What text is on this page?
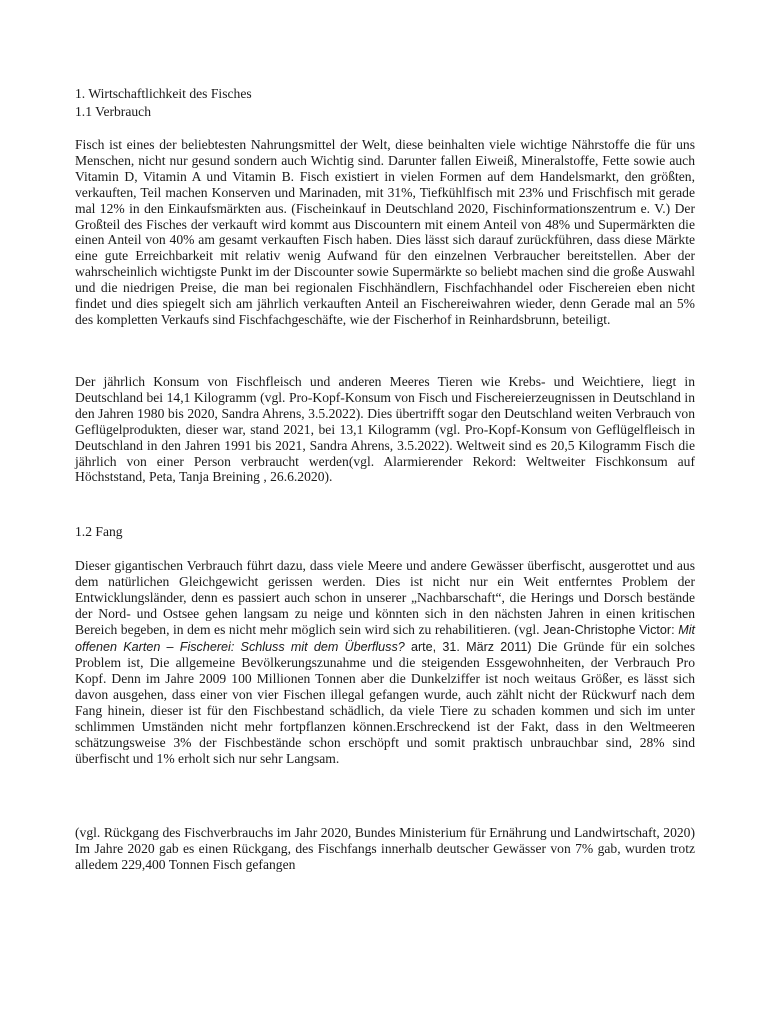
1. Wirtschaftlichkeit des Fisches
1.1 Verbrauch

Fisch ist eines der beliebtesten Nahrungsmittel der Welt, diese beinhalten viele wichtige Nährstoffe die für uns Menschen, nicht nur gesund sondern auch Wichtig sind. Darunter fallen Eiweiß, Mineralstoffe, Fette sowie auch Vitamin D, Vitamin A und Vitamin B. Fisch existiert in vielen Formen auf dem Handelsmarkt, den größten, verkauften, Teil machen Konserven und Marinaden, mit 31%, Tiefkühlfisch mit 23% und Frischfisch mit gerade mal 12% in den Einkaufsmärkten aus. (Fischeinkauf in Deutschland 2020, Fischinformationszentrum e. V.) Der Großteil des Fisches der verkauft wird kommt aus Discountern mit einem Anteil von 48% und Supermärkten die einen Anteil von 40% am gesamt verkauften Fisch haben. Dies lässt sich darauf zurückführen, dass diese Märkte eine gute Erreichbarkeit mit relativ wenig Aufwand für den einzelnen Verbraucher bereitstellen. Aber der wahrscheinlich wichtigste Punkt im der Discounter sowie Supermärkte so beliebt machen sind die große Auswahl und die niedrigen Preise, die man bei regionalen Fischhändlern, Fischfachhandel oder Fischereien eben nicht findet und dies spiegelt sich am jährlich verkauften Anteil an Fischereiwahren wieder, denn Gerade mal an 5% des kompletten Verkaufs sind Fischfachgeschäfte, wie der Fischerhof in Reinhardsbrunn, beteiligt.

Der jährlich Konsum von Fischfleisch und anderen Meeres Tieren wie Krebs- und Weichtiere, liegt in Deutschland bei 14,1 Kilogramm (vgl. Pro-Kopf-Konsum von Fisch und Fischereierzeugnissen in Deutschland in den Jahren 1980 bis 2020, Sandra Ahrens, 3.5.2022). Dies übertrifft sogar den Deutschland weiten Verbrauch von Geflügelprodukten, dieser war, stand 2021, bei 13,1 Kilogramm (vgl. Pro-Kopf-Konsum von Geflügelfleisch in Deutschland in den Jahren 1991 bis 2021, Sandra Ahrens, 3.5.2022). Weltweit sind es 20,5 Kilogramm Fisch die jährlich von einer Person verbraucht werden(vgl. Alarmierender Rekord: Weltweiter Fischkonsum auf Höchststand, Peta, Tanja Breining , 26.6.2020).

1.2 Fang

Dieser gigantischen Verbrauch führt dazu, dass viele Meere und andere Gewässer überfischt, ausgerottet und aus dem natürlichen Gleichgewicht gerissen werden. Dies ist nicht nur ein Weit entferntes Problem der Entwicklungsländer, denn es passiert auch schon in unserer „Nachbarschaft“, die Herings und Dorsch bestände der Nord- und Ostsee gehen langsam zu neige und könnten sich in den nächsten Jahren in einen kritischen Bereich begeben, in dem es nicht mehr möglich sein wird sich zu rehabilitieren. (vgl. Jean-Christophe Victor: Mit offenen Karten – Fischerei: Schluss mit dem Überfluss? arte, 31. März 2011) Die Gründe für ein solches Problem ist, Die allgemeine Bevölkerungszunahme und die steigenden Essgewohnheiten, der Verbrauch Pro Kopf. Denn im Jahre 2009 100 Millionen Tonnen aber die Dunkelziffer ist noch weitaus Größer, es lässt sich davon ausgehen, dass einer von vier Fischen illegal gefangen wurde, auch zählt nicht der Rückwurf nach dem Fang hinein, dieser ist für den Fischbestand schädlich, da viele Tiere zu schaden kommen und sich im unter schlimmen Umständen nicht mehr fortpflanzen können.Erschreckend ist der Fakt, dass in den Weltmeeren schätzungsweise 3% der Fischbestände schon erschöpft und somit praktisch unbrauchbar sind, 28% sind überfischt und 1% erholt sich nur sehr Langsam.

(vgl. Rückgang des Fischverbrauchs im Jahr 2020, Bundes Ministerium für Ernährung und Landwirtschaft, 2020) Im Jahre 2020 gab es einen Rückgang, des Fischfangs innerhalb deutscher Gewässer von 7% gab, wurden trotz alledem 229,400 Tonnen Fisch gefangen
